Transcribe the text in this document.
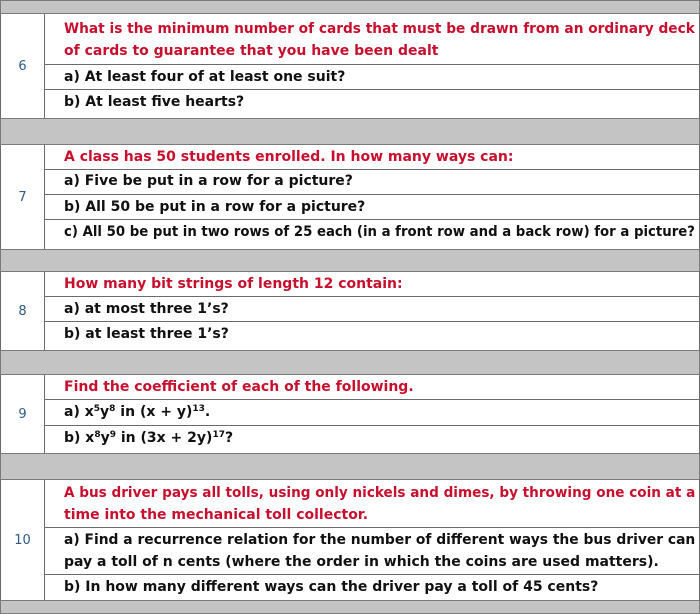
6
What is the minimum number of cards that must be drawn from an ordinary deck
of cards to guarantee that you have been dealt
a) At least four of at least one suit?
b) At least five hearts?
7
A class has 50 students enrolled. In how many ways can:
a) Five be put in a row for a picture?
b) All 50 be put in a row for a picture?
c) All 50 be put in two rows of 25 each (in a front row and a back row) for a picture?
8
How many bit strings of length 12 contain:
a) at most three 1’s?
b) at least three 1’s?
9
Find the coefficient of each of the following.
a) $x^5y^8$ in $(x + y)^{13}$.
b) $x^8y^9$ in $(3x + 2y)^{17}$?
10
A bus driver pays all tolls, using only nickels and dimes, by throwing one coin at a
time into the mechanical toll collector.
a) Find a recurrence relation for the number of different ways the bus driver can
pay a toll of n cents (where the order in which the coins are used matters).
b) In how many different ways can the driver pay a toll of 45 cents?
